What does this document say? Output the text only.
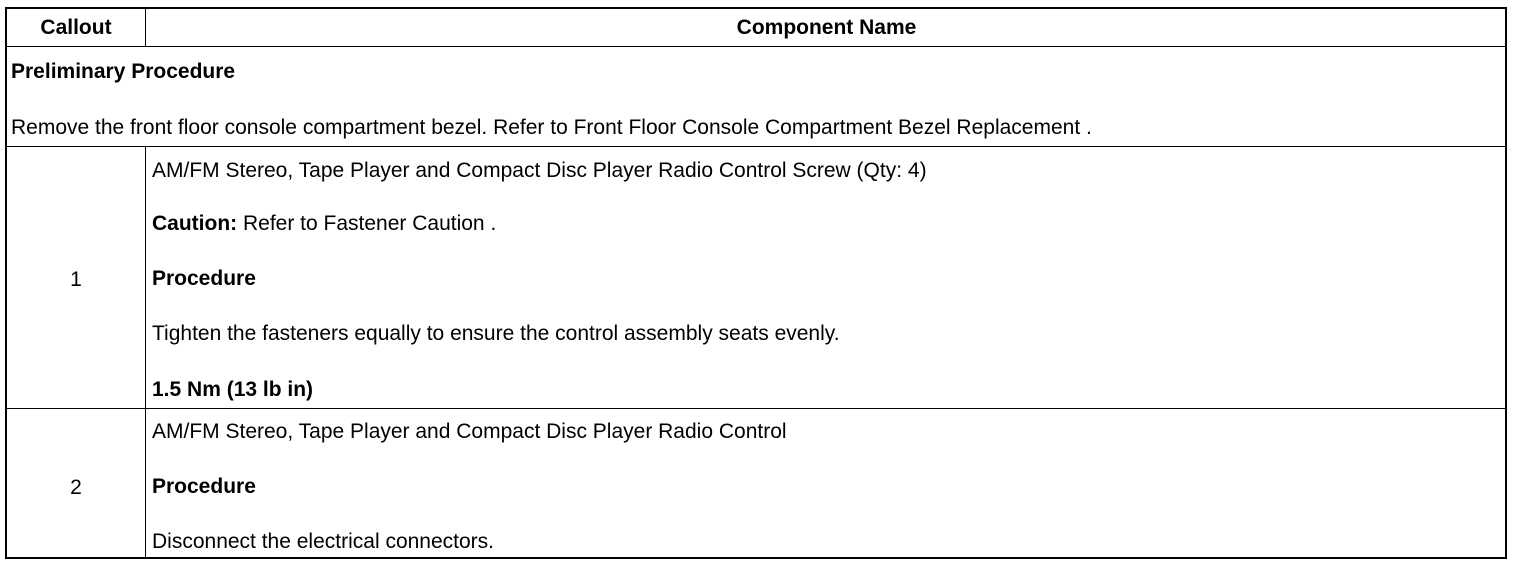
Callout	Component Name
Preliminary Procedure
Remove the front floor console compartment bezel. Refer to Front Floor Console Compartment Bezel Replacement .
1
AM/FM Stereo, Tape Player and Compact Disc Player Radio Control Screw (Qty: 4)
Caution: Refer to Fastener Caution .
Procedure
Tighten the fasteners equally to ensure the control assembly seats evenly.
1.5 Nm (13 lb in)
2
AM/FM Stereo, Tape Player and Compact Disc Player Radio Control
Procedure
Disconnect the electrical connectors.
